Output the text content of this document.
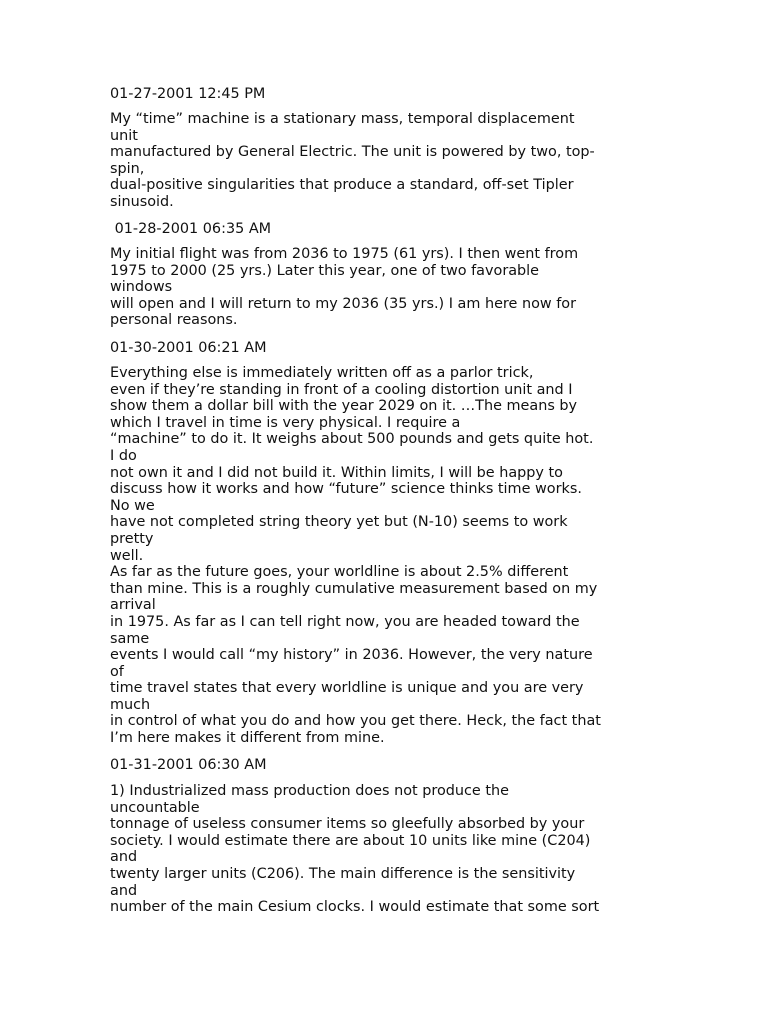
01-27-2001 12:45 PM
My “time” machine is a stationary mass, temporal displacement
unit
manufactured by General Electric. The unit is powered by two, top-
spin,
dual-positive singularities that produce a standard, off-set Tipler
sinusoid.
01-28-2001 06:35 AM
My initial flight was from 2036 to 1975 (61 yrs). I then went from
1975 to 2000 (25 yrs.) Later this year, one of two favorable
windows
will open and I will return to my 2036 (35 yrs.) I am here now for
personal reasons.
01-30-2001 06:21 AM
Everything else is immediately written off as a parlor trick,
even if they’re standing in front of a cooling distortion unit and I
show them a dollar bill with the year 2029 on it. …The means by
which I travel in time is very physical. I require a
“machine” to do it. It weighs about 500 pounds and gets quite hot.
I do
not own it and I did not build it. Within limits, I will be happy to
discuss how it works and how “future” science thinks time works.
No we
have not completed string theory yet but (N-10) seems to work
pretty
well.
As far as the future goes, your worldline is about 2.5% different
than mine. This is a roughly cumulative measurement based on my
arrival
in 1975. As far as I can tell right now, you are headed toward the
same
events I would call “my history” in 2036. However, the very nature
of
time travel states that every worldline is unique and you are very
much
in control of what you do and how you get there. Heck, the fact that
I’m here makes it different from mine.
01-31-2001 06:30 AM
1) Industrialized mass production does not produce the
uncountable
tonnage of useless consumer items so gleefully absorbed by your
society. I would estimate there are about 10 units like mine (C204)
and
twenty larger units (C206). The main difference is the sensitivity
and
number of the main Cesium clocks. I would estimate that some sort
